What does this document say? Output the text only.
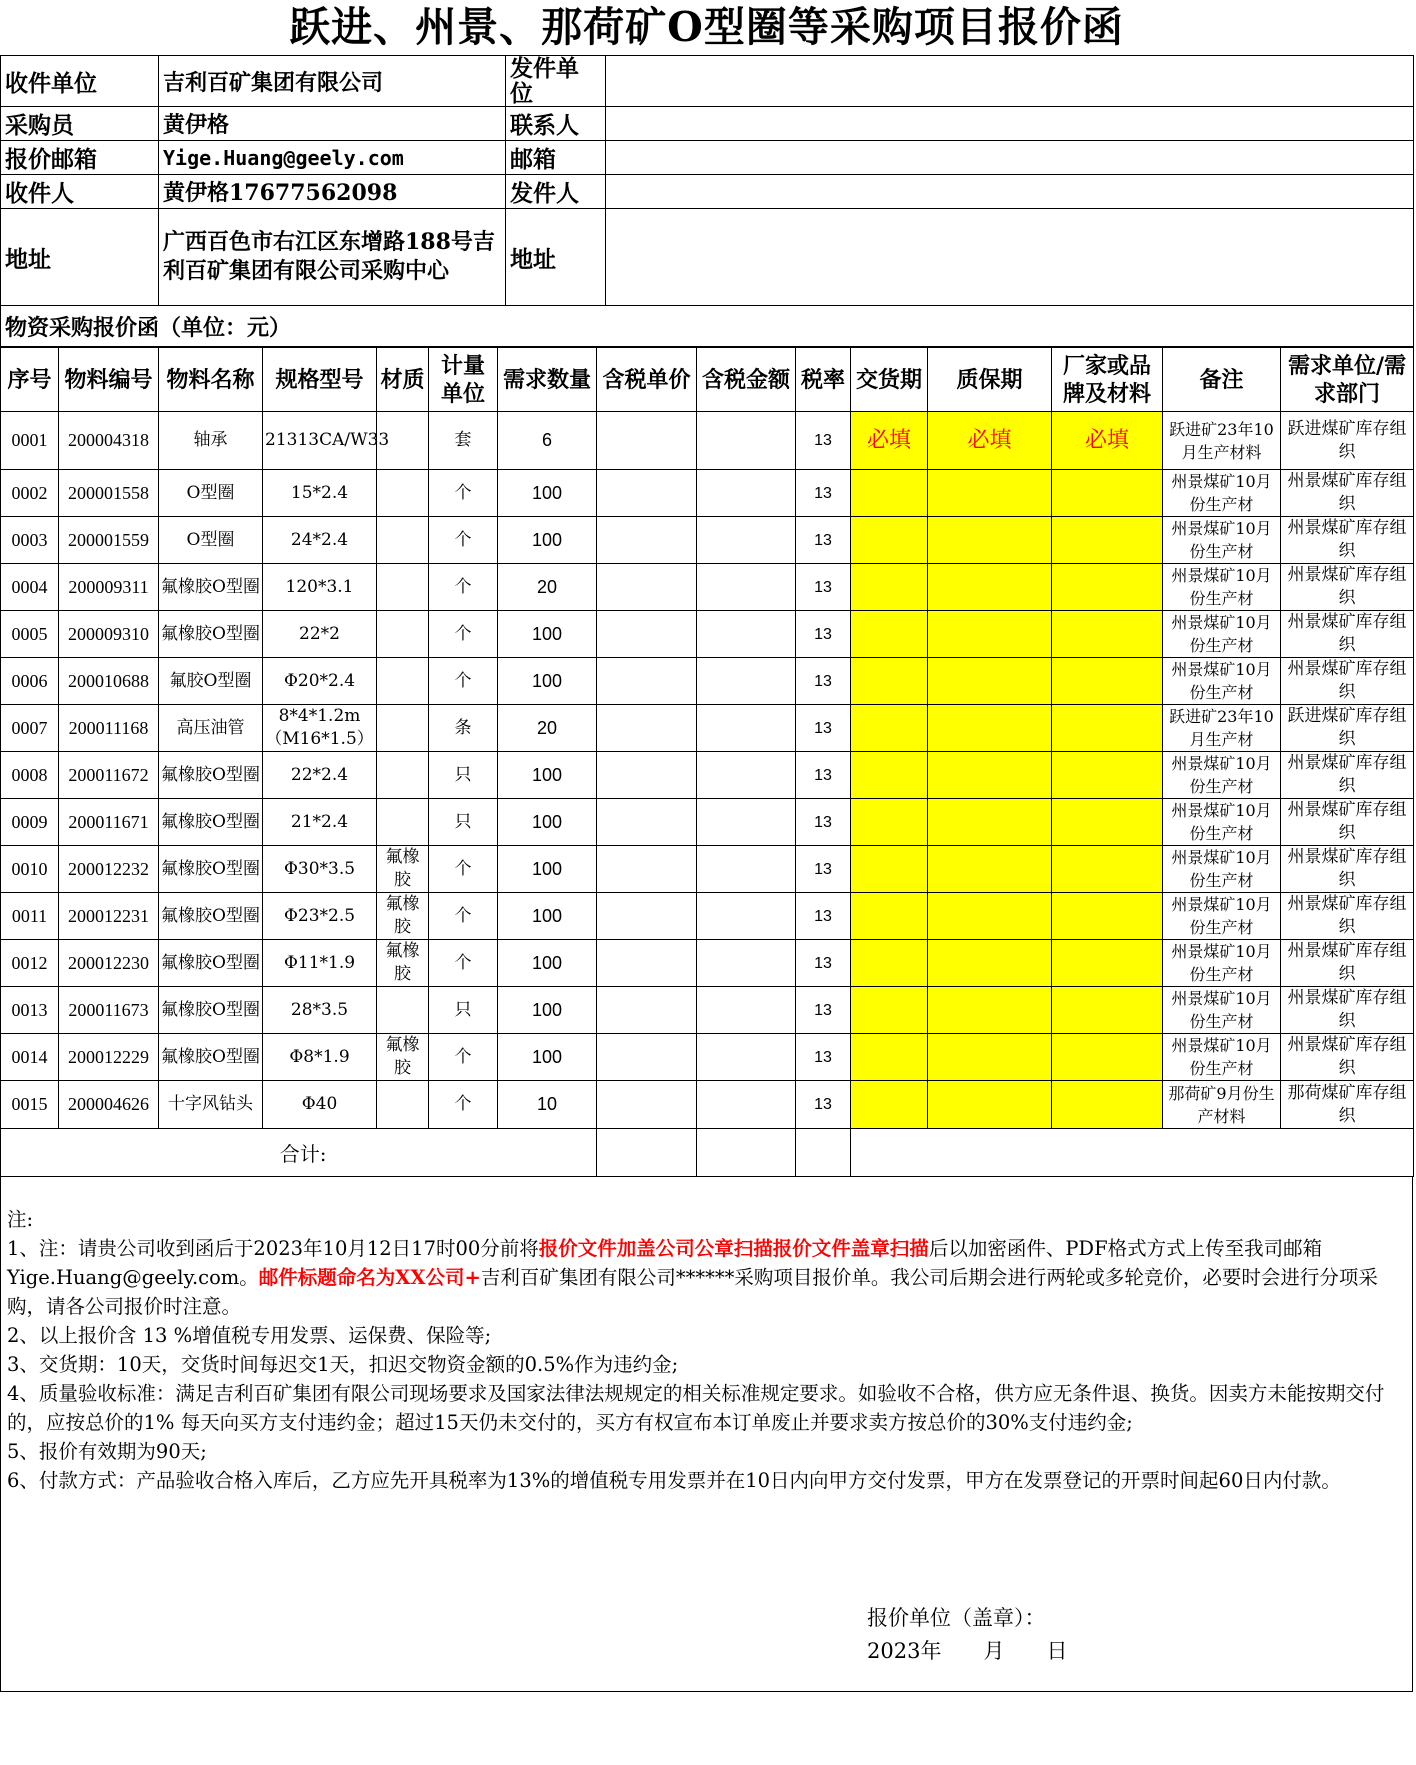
跃进、州景、那荷矿O型圈等采购项目报价函
收件单位	吉利百矿集团有限公司	发件单位	
采购员	黄伊格	联系人	
报价邮箱	Yige.Huang@geely.com	邮箱	
收件人	黄伊格17677562098	发件人	
地址	广西百色市右江区东增路188号吉利百矿集团有限公司采购中心	地址	
物资采购报价函（单位：元）			
序号	物料编号	物料名称	规格型号	材质	计量单位	需求数量	含税单价	含税金额	税率	交货期	质保期	厂家或品牌及材料	备注	需求单位/需求部门
0001	200004318	轴承	21313CA/W33		套	6			13	必填	必填	必填	跃进矿23年10月生产材料	跃进煤矿库存组织
0002	200001558	O型圈	15*2.4		个	100			13				州景煤矿10月份生产材	州景煤矿库存组织
0003	200001559	O型圈	24*2.4		个	100			13				州景煤矿10月份生产材	州景煤矿库存组织
0004	200009311	氟橡胶O型圈	120*3.1		个	20			13				州景煤矿10月份生产材	州景煤矿库存组织
0005	200009310	氟橡胶O型圈	22*2		个	100			13				州景煤矿10月份生产材	州景煤矿库存组织
0006	200010688	氟胶O型圈	Φ20*2.4		个	100			13				州景煤矿10月份生产材	州景煤矿库存组织
0007	200011168	高压油管	8*4*1.2m（M16*1.5）		条	20			13				跃进矿23年10月生产材	跃进煤矿库存组织
0008	200011672	氟橡胶O型圈	22*2.4		只	100			13				州景煤矿10月份生产材	州景煤矿库存组织
0009	200011671	氟橡胶O型圈	21*2.4		只	100			13				州景煤矿10月份生产材	州景煤矿库存组织
0010	200012232	氟橡胶O型圈	Φ30*3.5	氟橡胶	个	100			13				州景煤矿10月份生产材	州景煤矿库存组织
0011	200012231	氟橡胶O型圈	Φ23*2.5	氟橡胶	个	100			13				州景煤矿10月份生产材	州景煤矿库存组织
0012	200012230	氟橡胶O型圈	Φ11*1.9	氟橡胶	个	100			13				州景煤矿10月份生产材	州景煤矿库存组织
0013	200011673	氟橡胶O型圈	28*3.5		只	100			13				州景煤矿10月份生产材	州景煤矿库存组织
0014	200012229	氟橡胶O型圈	Φ8*1.9	氟橡胶	个	100			13				州景煤矿10月份生产材	州景煤矿库存组织
0015	200004626	十字风钻头	Φ40		个	10			13				那荷矿9月份生产材料	那荷煤矿库存组织
合计:														
注:
1、注：请贵公司收到函后于2023年10月12日17时00分前将报价文件加盖公司公章扫描报价文件盖章扫描后以加密函件、PDF格式方式上传至我司邮箱Yige.Huang@geely.com。邮件标题命名为XX公司+吉利百矿集团有限公司******采购项目报价单。我公司后期会进行两轮或多轮竞价，必要时会进行分项采购，请各公司报价时注意。
2、以上报价含 13 %增值税专用发票、运保费、保险等;
3、交货期：10天，交货时间每迟交1天，扣迟交物资金额的0.5%作为违约金;
4、质量验收标准：满足吉利百矿集团有限公司现场要求及国家法律法规规定的相关标准规定要求。如验收不合格，供方应无条件退、换货。因卖方未能按期交付的，应按总价的1% 每天向买方支付违约金；超过15天仍未交付的，买方有权宣布本订单废止并要求卖方按总价的30%支付违约金;
5、报价有效期为90天;
6、付款方式：产品验收合格入库后，乙方应先开具税率为13%的增值税专用发票并在10日内向甲方交付发票，甲方在发票登记的开票时间起60日内付款。
报价单位（盖章）：
2023年　　月　　日
